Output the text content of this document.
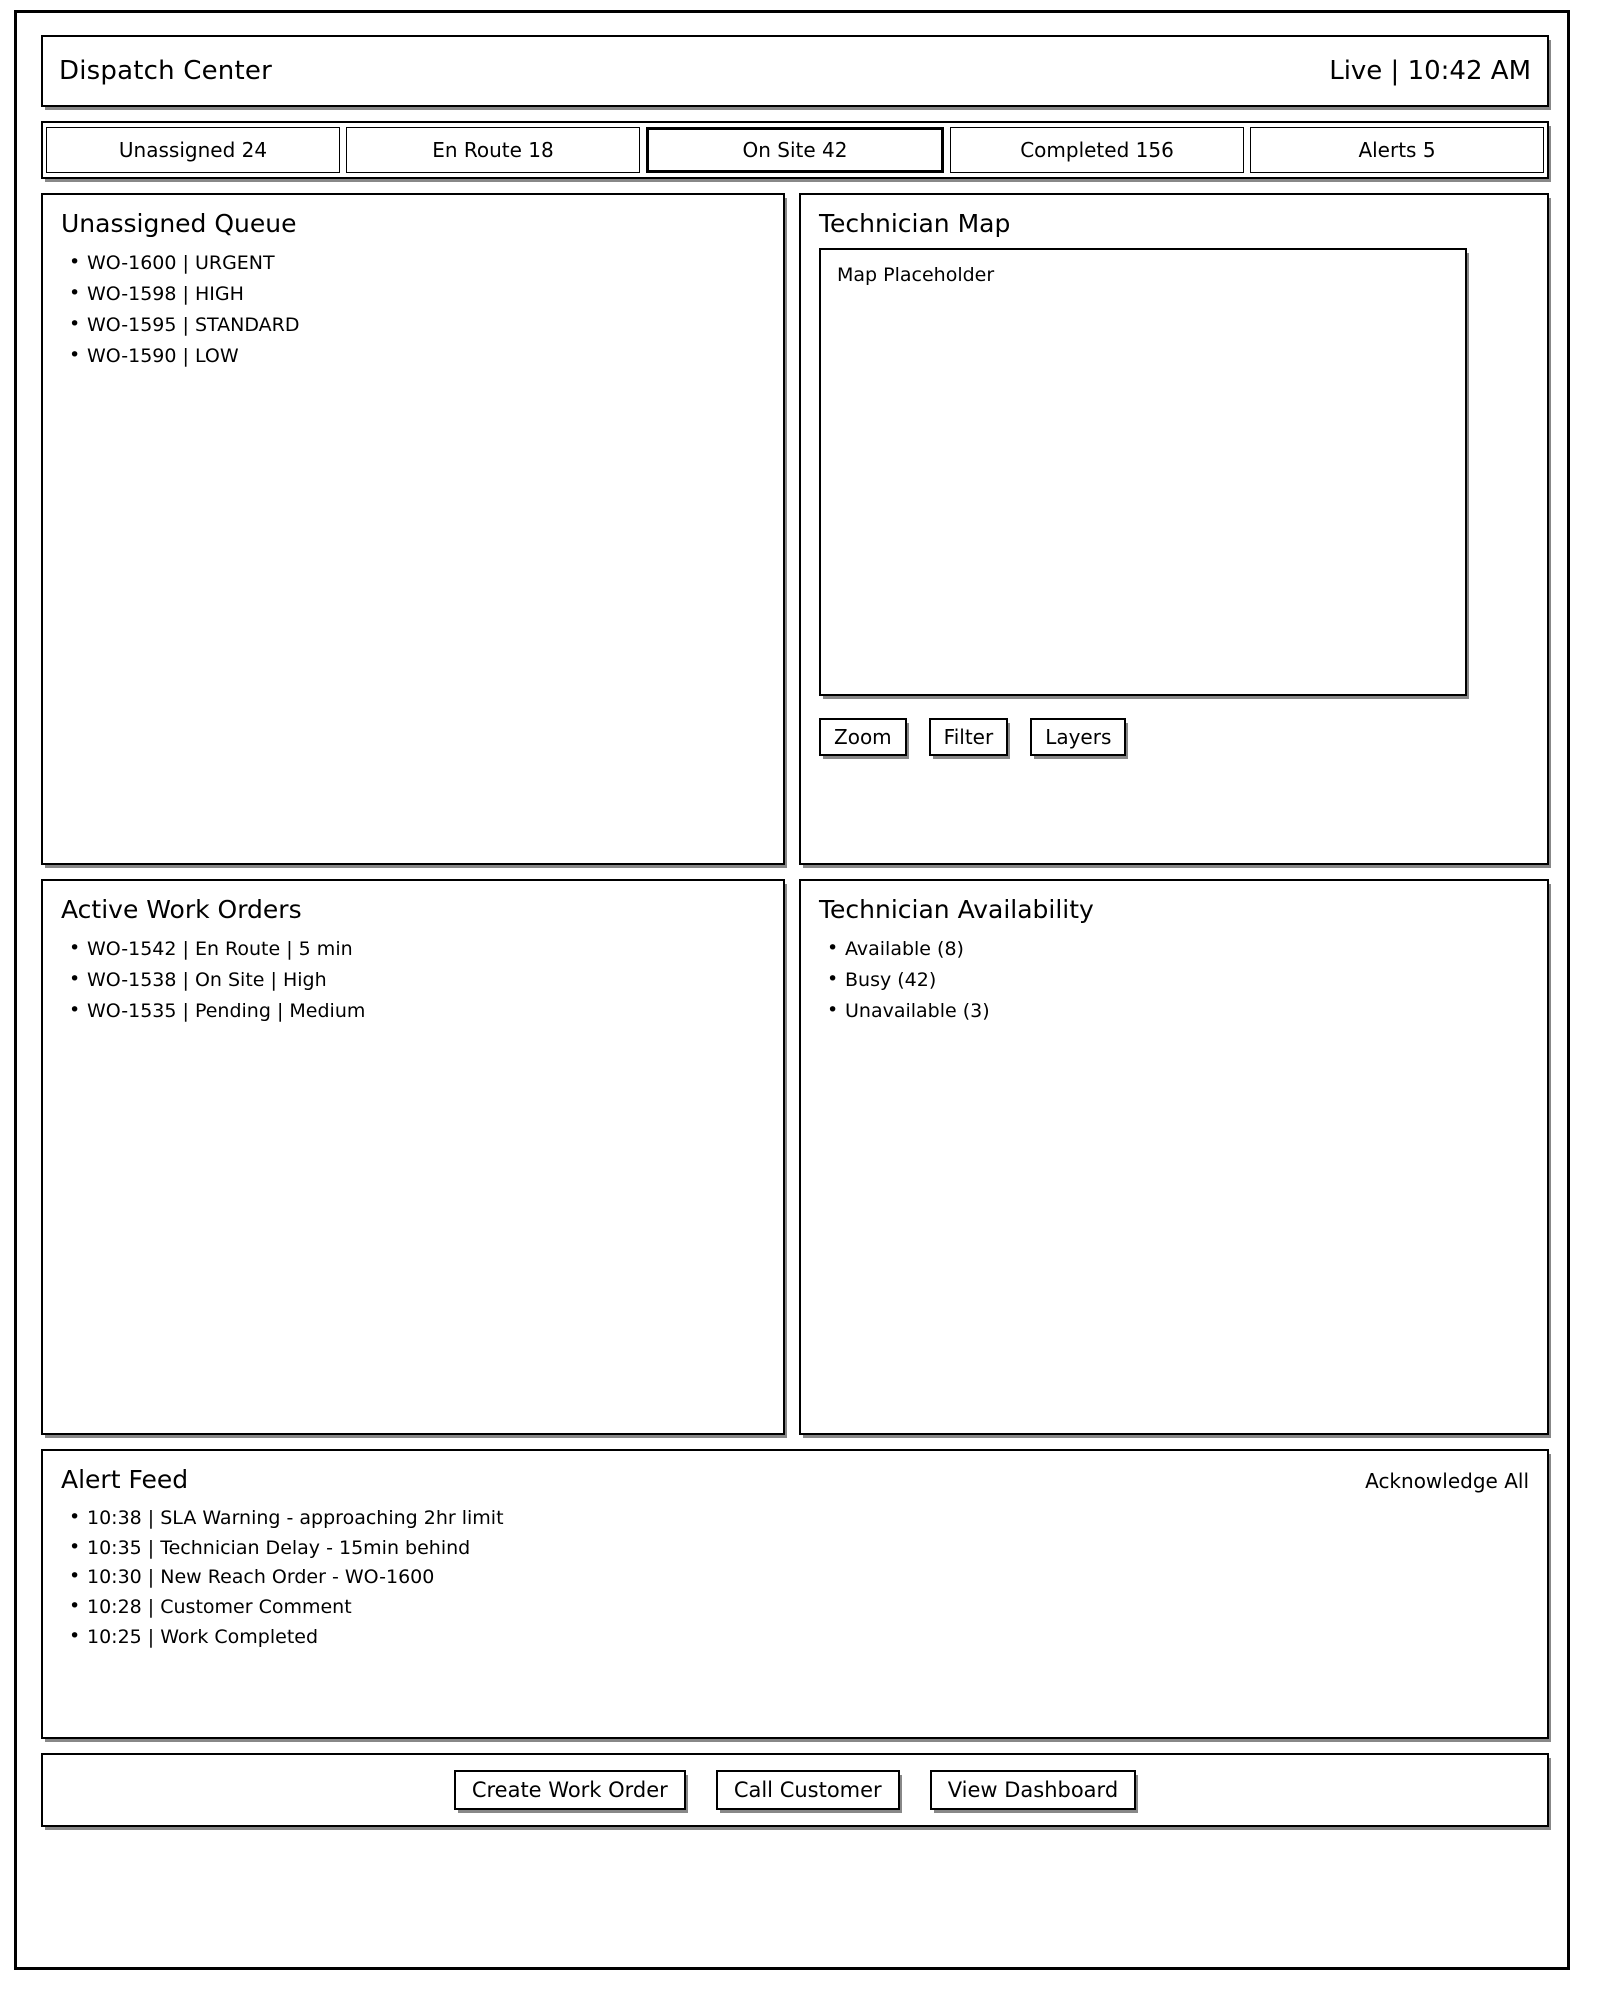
Dispatch Center	Live | 10:42 AM
Unassigned 24	En Route 18	On Site 42	Completed 156	Alerts 5
Unassigned Queue
• WO-1600 | URGENT
• WO-1598 | HIGH
• WO-1595 | STANDARD
• WO-1590 | LOW
Active Work Orders
• WO-1542 | En Route | 5 min
• WO-1538 | On Site | High
• WO-1535 | Pending | Medium
Technician Map
Map Placeholder
Zoom	Filter	Layers
Technician Availability
• Available (8)
• Busy (42)
• Unavailable (3)
Alert Feed	Acknowledge All
• 10:38 | SLA Warning - approaching 2hr limit
• 10:35 | Technician Delay - 15min behind
• 10:30 | New Reach Order - WO-1600
• 10:28 | Customer Comment
• 10:25 | Work Completed
Create Work Order	Call Customer	View Dashboard
